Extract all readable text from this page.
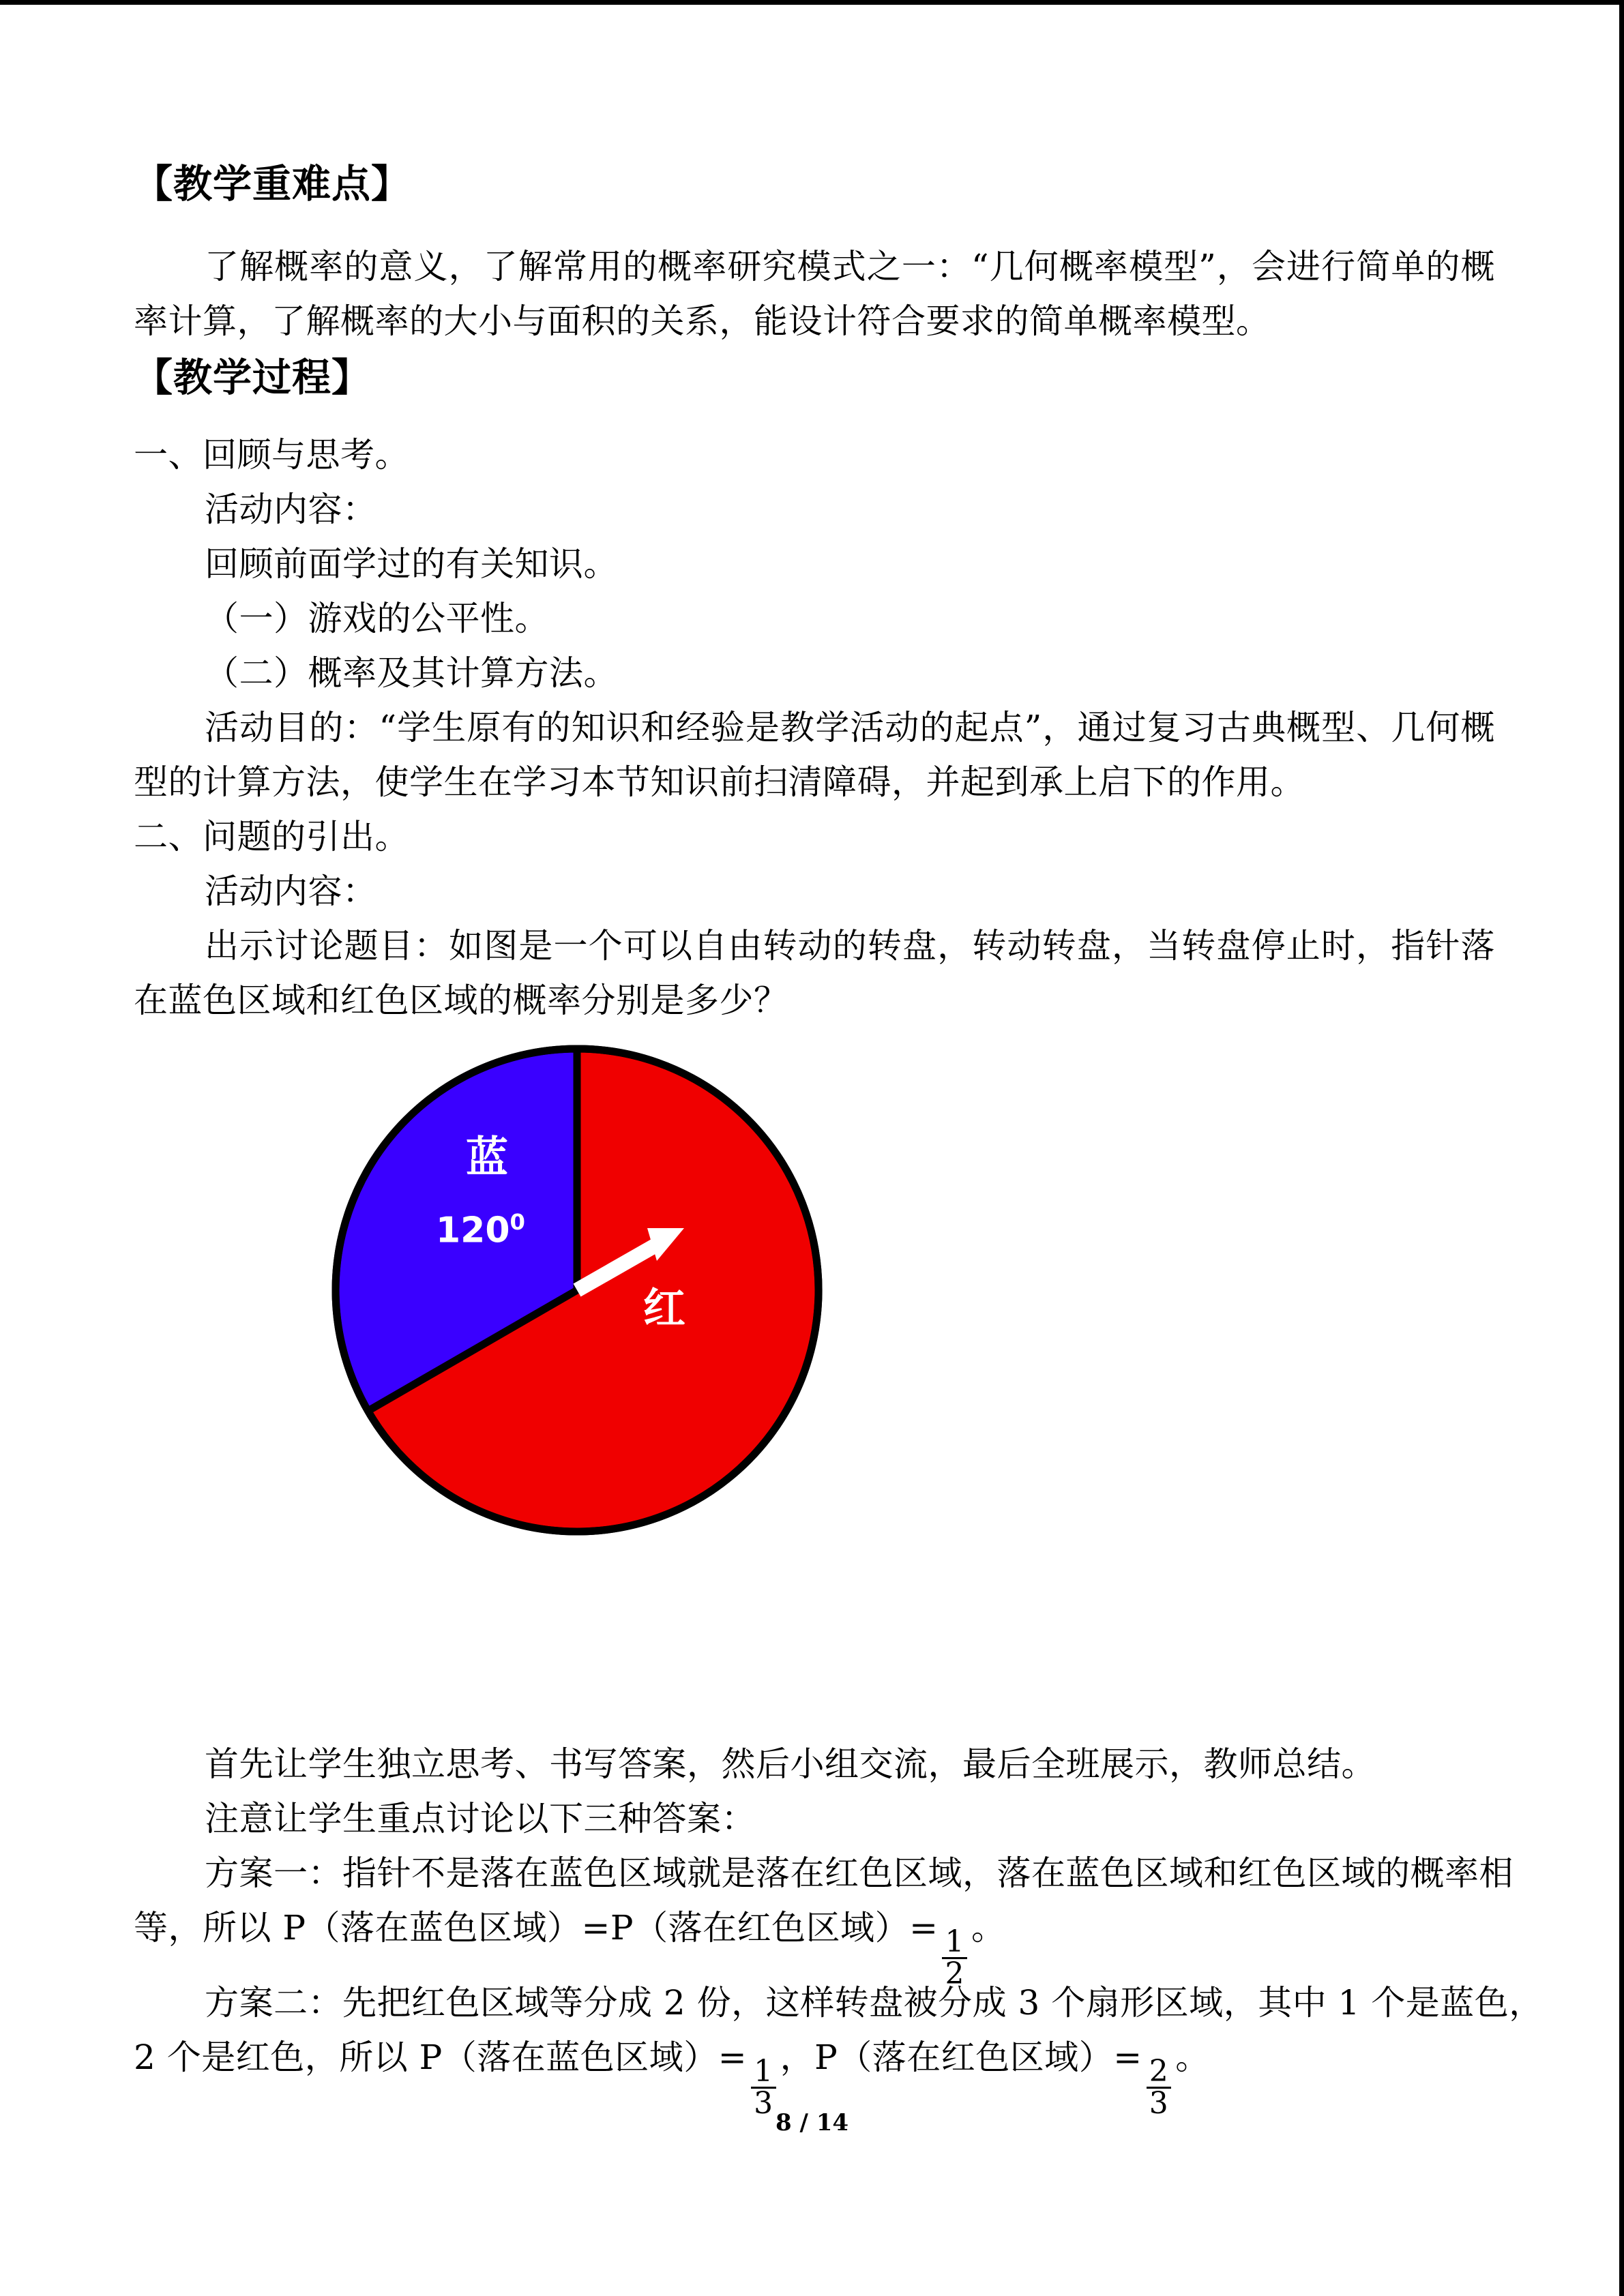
【教学重难点】

了解概率的意义，了解常用的概率研究模式之一：“几何概率模型”，会进行简单的概率计算，了解概率的大小与面积的关系，能设计符合要求的简单概率模型。

【教学过程】

一、回顾与思考。

活动内容：

回顾前面学过的有关知识。

（一）游戏的公平性。

（二）概率及其计算方法。

活动目的：“学生原有的知识和经验是教学活动的起点”，通过复习古典概型、几何概型的计算方法，使学生在学习本节知识前扫清障碍，并起到承上启下的作用。

二、问题的引出。

活动内容：

出示讨论题目：如图是一个可以自由转动的转盘，转动转盘，当转盘停止时，指针落在蓝色区域和红色区域的概率分别是多少？

蓝
红
$120^0$

首先让学生独立思考、书写答案，然后小组交流，最后全班展示，教师总结。

注意让学生重点讨论以下三种答案：

方案一：指针不是落在蓝色区域就是落在红色区域，落在蓝色区域和红色区域的概率相

等，所以 P（落在蓝色区域）=P（落在红色区域）= $\frac{1}{2}$ 。

方案二：先把红色区域等分成 2 份，这样转盘被分成 3 个扇形区域，其中 1 个是蓝色，

2 个是红色，所以 P（落在蓝色区域）= $\frac{1}{3}$ ，P（落在红色区域）= $\frac{2}{3}$ 。

8 / 14
